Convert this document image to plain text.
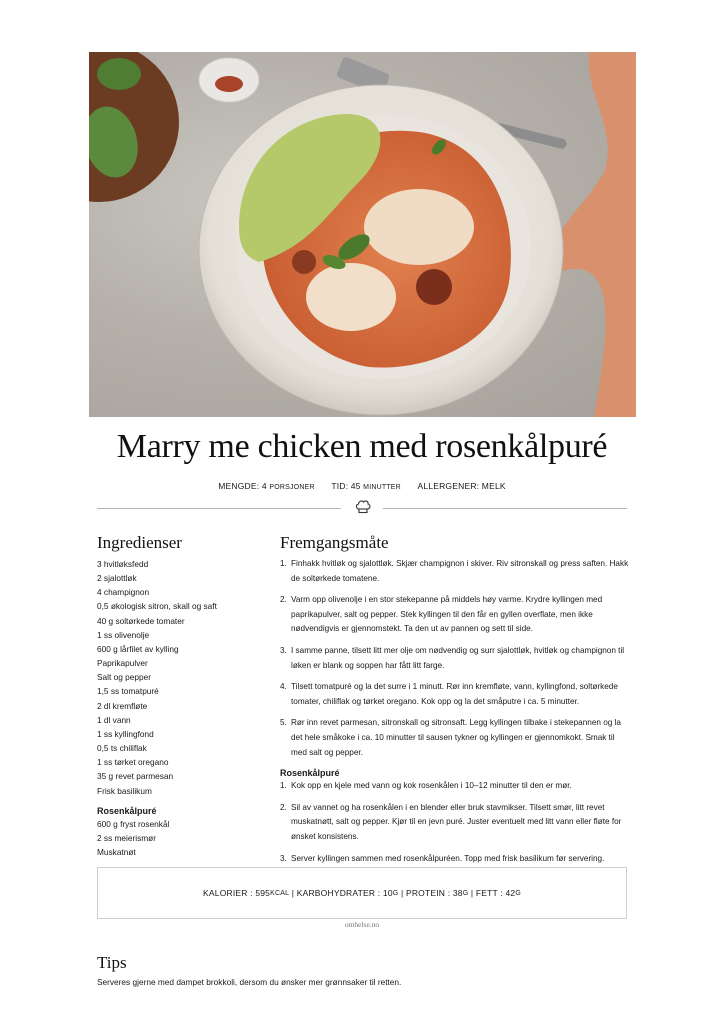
Marry me chicken med rosenkålpuré
MENGDE: 4 PORSJONER TID: 45 MINUTTER ALLERGENER: MELK
Ingredienser
3 hvitløksfedd
2 sjalottløk
4 champignon
0,5 økologisk sitron, skall og saft
40 g soltørkede tomater
1 ss olivenolje
600 g lårfilet av kylling
Paprikapulver
Salt og pepper
1,5 ss tomatpuré
2 dl kremfløte
1 dl vann
1 ss kyllingfond
0,5 ts chiliflak
1 ss tørket oregano
35 g revet parmesan
Frisk basilikum
Rosenkålpuré
600 g fryst rosenkål
2 ss meierismør
Muskatnøt
Fremgangsmåte
1. Finhakk hvitløk og sjalottløk. Skjær champignon i skiver. Riv sitronskall og press saften. Hakk de soltørkede tomatene.
2. Varm opp olivenolje i en stor stekepanne på middels høy varme. Krydre kyllingen med paprikapulver, salt og pepper. Stek kyllingen til den får en gyllen overflate, men ikke nødvendigvis er gjennomstekt. Ta den ut av pannen og sett til side.
3. I samme panne, tilsett litt mer olje om nødvendig og surr sjalottløk, hvitløk og champignon til løken er blank og soppen har fått litt farge.
4. Tilsett tomatpuré og la det surre i 1 minutt. Rør inn kremfløte, vann, kyllingfond, soltørkede tomater, chiliflak og tørket oregano. Kok opp og la det småputre i ca. 5 minutter.
5. Rør inn revet parmesan, sitronskall og sitronsaft. Legg kyllingen tilbake i stekepannen og la det hele småkoke i ca. 10 minutter til sausen tykner og kyllingen er gjennomkokt. Smak til med salt og pepper.
Rosenkålpuré
1. Kok opp en kjele med vann og kok rosenkålen i 10–12 minutter til den er mør.
2. Sil av vannet og ha rosenkålen i en blender eller bruk stavmikser. Tilsett smør, litt revet muskatnøtt, salt og pepper. Kjør til en jevn puré. Juster eventuelt med litt vann eller fløte for ønsket konsistens.
3. Server kyllingen sammen med rosenkålpuréen. Topp med frisk basilikum før servering.
KALORIER :
595 KCAL | KARBOHYDRATER :
10 G | PROTEIN :
38 G | FETT :
42 G
omhelse.no
Tips

Serveres gjerne med dampet brokkoli, dersom du ønsker mer grønnsaker til retten.
